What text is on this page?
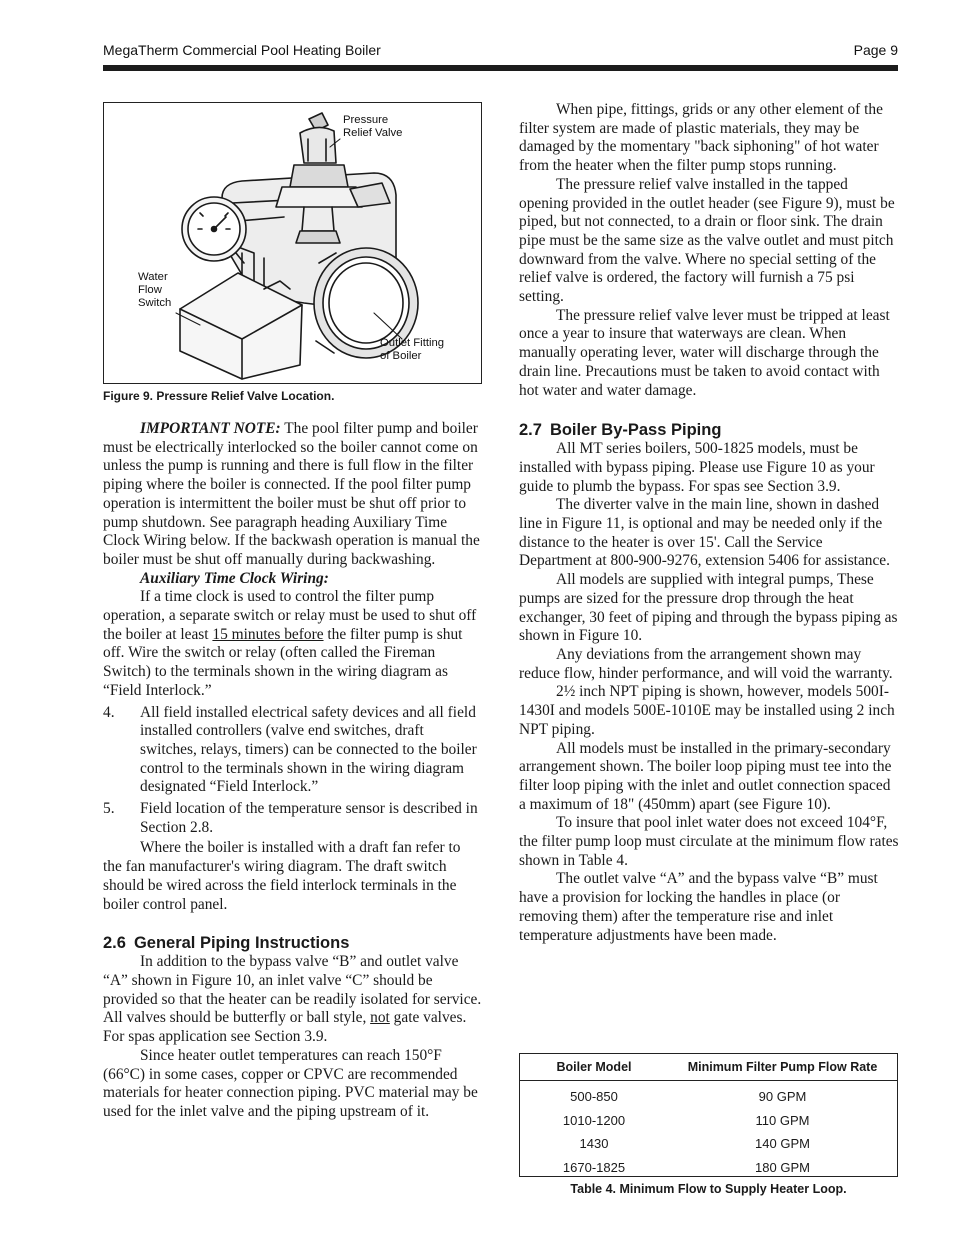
MegaTherm Commercial Pool Heating Boiler	Page 9
Pressure
Relief Valve
Water
Flow
Switch
Outlet Fitting
of Boiler
Figure 9. Pressure Relief Valve Location.

IMPORTANT NOTE: The pool filter pump and boiler must be electrically interlocked so the boiler cannot come on unless the pump is running and there is full flow in the filter piping where the boiler is connected. If the pool filter pump operation is intermittent the boiler must be shut off prior to pump shutdown. See paragraph heading Auxiliary Time Clock Wiring below. If the backwash operation is manual the boiler must be shut off manually during backwashing.

Auxiliary Time Clock Wiring:

If a time clock is used to control the filter pump operation, a separate switch or relay must be used to shut off the boiler at least 15 minutes before the filter pump is shut off. Wire the switch or relay (often called the Fireman Switch) to the terminals shown in the wiring diagram as “Field Interlock.”

4.	All field installed electrical safety devices and all field installed controllers (valve end switches, draft switches, relays, timers) can be connected to the boiler control to the terminals shown in the wiring diagram designated “Field Interlock.”
5.	Field location of the temperature sensor is described in Section 2.8.

Where the boiler is installed with a draft fan refer to the fan manufacturer's wiring diagram. The draft switch should be wired across the field interlock terminals in the boiler control panel.

2.6 General Piping Instructions

In addition to the bypass valve “B” and outlet valve “A” shown in Figure 10, an inlet valve “C” should be provided so that the heater can be readily isolated for service. All valves should be butterfly or ball style, not gate valves. For spas application see Section 3.9.

Since heater outlet temperatures can reach 150°F (66°C) in some cases, copper or CPVC are recommended materials for heater connection piping. PVC material may be used for the inlet valve and the piping upstream of it.

When pipe, fittings, grids or any other element of the filter system are made of plastic materials, they may be damaged by the momentary "back siphoning" of hot water from the heater when the filter pump stops running.

The pressure relief valve installed in the tapped opening provided in the outlet header (see Figure 9), must be piped, but not connected, to a drain or floor sink. The drain pipe must be the same size as the valve outlet and must pitch downward from the valve. Where no special setting of the relief valve is ordered, the factory will furnish a 75 psi setting.

The pressure relief valve lever must be tripped at least once a year to insure that waterways are clean. When manually operating lever, water will discharge through the drain line. Precautions must be taken to avoid contact with hot water and water damage.

2.7 Boiler By-Pass Piping

All MT series boilers, 500-1825 models, must be installed with bypass piping. Please use Figure 10 as your guide to plumb the bypass. For spas see Section 3.9.

The diverter valve in the main line, shown in dashed line in Figure 11, is optional and may be needed only if the distance to the heater is over 15'. Call the Service Department at 800-900-9276, extension 5406 for assistance.

All models are supplied with integral pumps, These pumps are sized for the pressure drop through the heat exchanger, 30 feet of piping and through the bypass piping as shown in Figure 10.

Any deviations from the arrangement shown may reduce flow, hinder performance, and will void the warranty.

2½ inch NPT piping is shown, however, models 500I-1430I and models 500E-1010E may be installed using 2 inch NPT piping.

All models must be installed in the primary-secondary arrangement shown. The boiler loop piping must tee into the filter loop piping with the inlet and outlet connection spaced a maximum of 18" (450mm) apart (see Figure 10).

To insure that pool inlet water does not exceed 104°F, the filter pump loop must circulate at the minimum flow rates shown in Table 4.

The outlet valve “A” and the bypass valve “B” must have a provision for locking the handles in place (or removing them) after the temperature rise and inlet temperature adjustments have been made.

Boiler Model	Minimum Filter Pump Flow Rate
500-850	90 GPM
1010-1200	110 GPM
1430	140 GPM
1670-1825	180 GPM
Table 4. Minimum Flow to Supply Heater Loop.
